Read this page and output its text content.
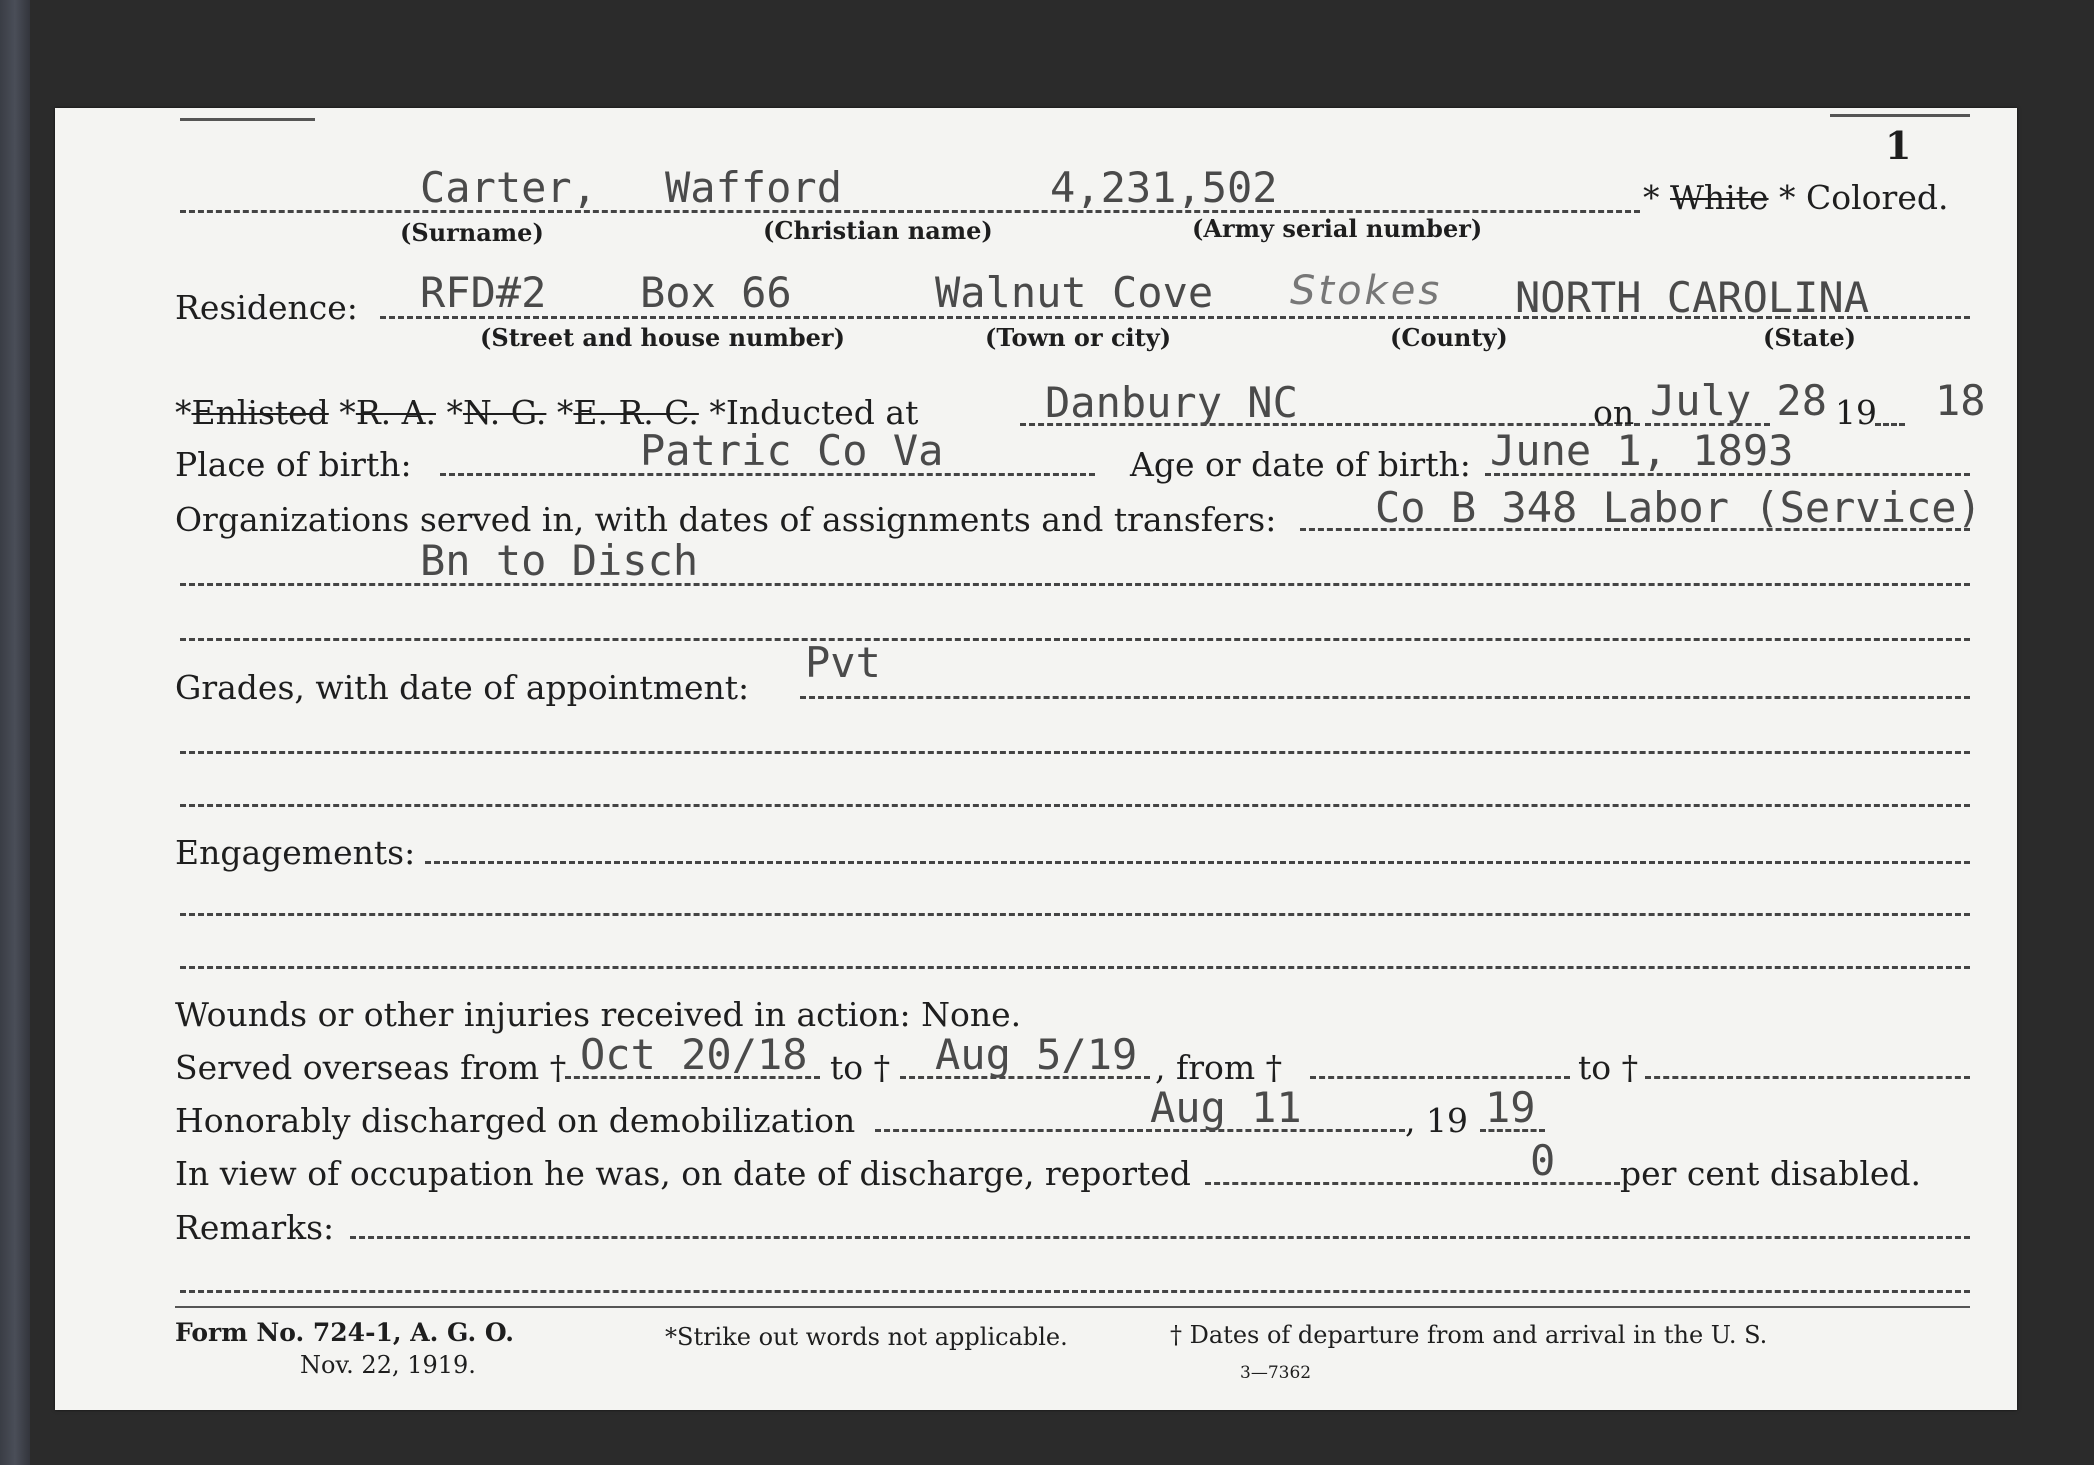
1
Carter, Wafford	4,231,502	* White * Colored.
(Surname)	(Christian name)	(Army serial number)
Residence: RFD#2 Box 66	Walnut Cove Stokes NORTH CAROLINA
(Street and house number)	(Town or city)	(County)	(State)
*Enlisted *R. A. *N. G. *E. R. C. *Inducted at	Danbury NC	on July 28 19 18
Place of birth:	Patric Co Va	Age or date of birth: June 1, 1893
Organizations served in, with dates of assignments and transfers: Co B 348 Labor (Service)
Bn to Disch
Grades, with date of appointment:
Pvt
Engagements:
Wounds or other injuries received in action: None.
Served overseas from † Oct 20/18 to † Aug 5/19 , from †	to †
Honorably discharged on demobilization	Aug 11	, 19 19
In view of occupation he was, on date of discharge, reported	0 per cent disabled.
Remarks:
Form No. 724-1, A. G. O.
Nov. 22, 1919.
*Strike out words not applicable.	† Dates of departure from and arrival in the U. S.
3—7362
